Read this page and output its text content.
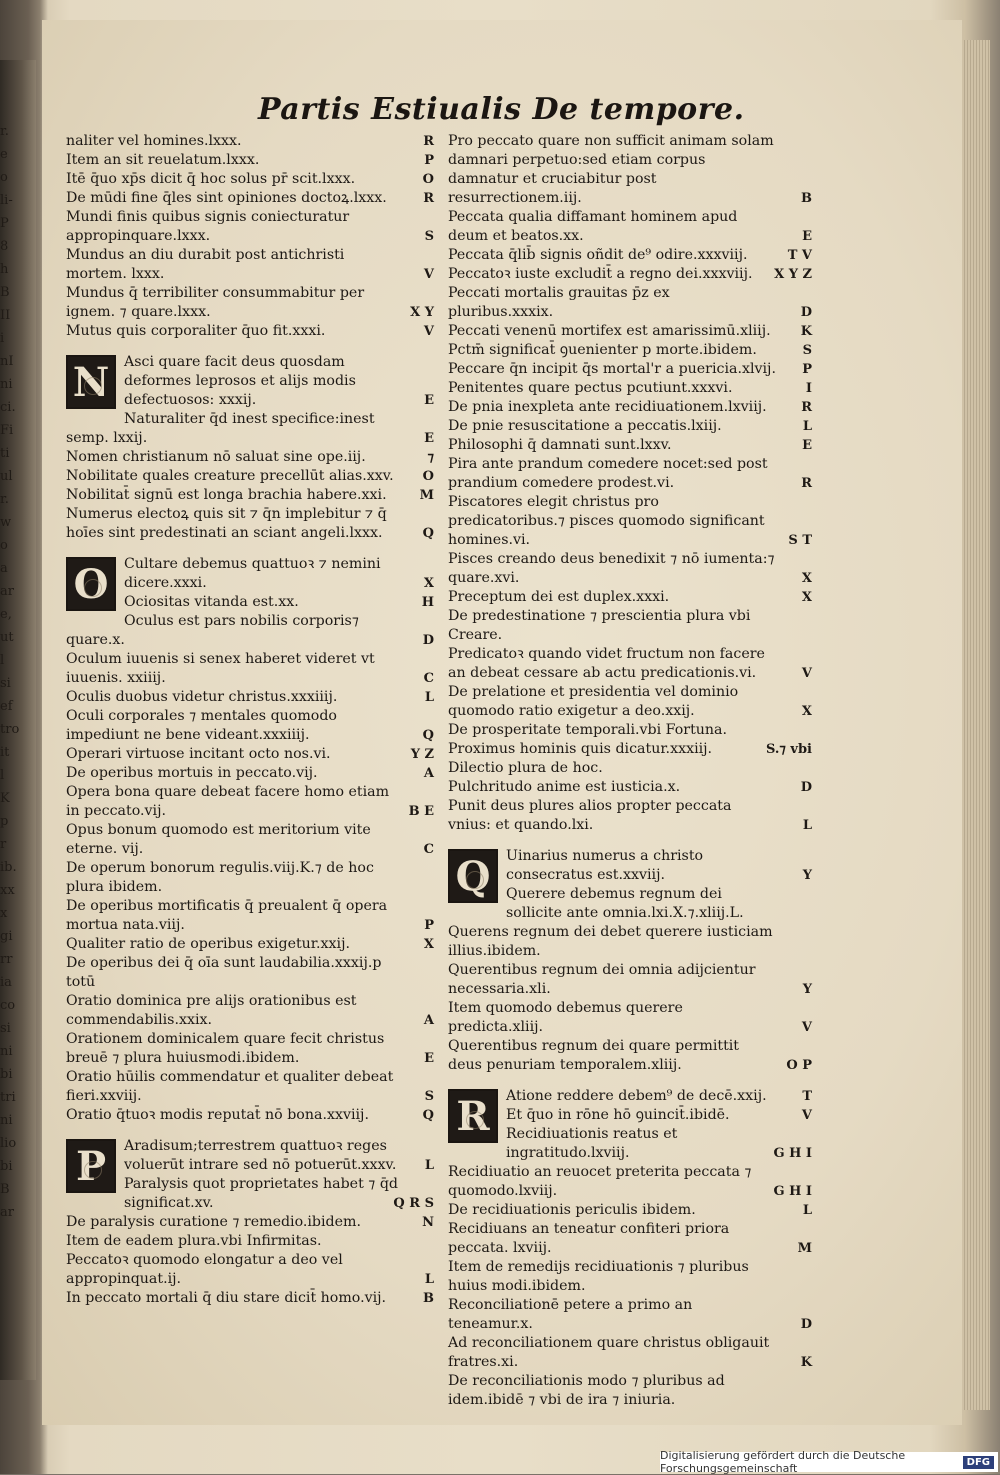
r.
e
o
li-
P
8
h
B
II
i
nI
ni
ci.
Fi
ti
ul
r.
w
o
a
ar
e,
ut
l
si
ef
tro
it
l
K
p
r
ib.
xx
x
gi
rr
ia
co
si
ni
bi
tri
ni
lio
bi
B
ar
Partis Estiualis De tempore.
naliter vel homines.lxxx.	R
Item an sit reuelatum.lxxx.	P
Itē q̄uo xp̄s dicit q̄ hoc solus pr̄ scit.lxxx.	O
De mūdi fine q̄les sint opiniones doctoꝝ.lxxx.	R
Mundi finis quibus signis coniecturatur appropinquare.lxxx.	S
Mundus an diu durabit post antichristi mortem. lxxx.	V
Mundus q̄ terribiliter consummabitur per ignem. ⁊ quare.lxxx.	X Y
Mutus quis corporaliter q̄uo fit.xxxi.	V
N	Asci quare facit deus quosdam deformes leprosos et alijs modis defectuosos: xxxij.	E
Naturaliter q̄d inest specifice:inest semp. lxxij.	E
Nomen christianum nō saluat sine ope.iij.	⁊
Nobilitate quales creature precellūt alias.xxv.	O
Nobilitat̄ signū est longa brachia habere.xxi.	M
Numerus electoꝝ quis sit ⁊ q̄n implebitur ⁊ q̄ hoīes sint predestinati an sciant angeli.lxxx.	Q
O	Cultare debemus quattuoꝛ ⁊ nemini dicere.xxxi.	X
Ociositas vitanda est.xx.	H
Oculus est pars nobilis corporis⁊ quare.x.	D
Oculum iuuenis si senex haberet videret vt iuuenis. xxiiij.	C
Oculis duobus videtur christus.xxxiiij.	L
Oculi corporales ⁊ mentales quomodo impediunt ne bene videant.xxxiiij.	Q
Operari virtuose incitant octo nos.vi.	Y Z
De operibus mortuis in peccato.vij.	A
Opera bona quare debeat facere homo etiam in peccato.vij.	B E
Opus bonum quomodo est meritorium vite eterne. vij.	C
De operum bonorum regulis.viij.K.⁊ de hoc plura ibidem.
De operibus mortificatis q̄ preualent q̄ opera mortua nata.viij.	P
Qualiter ratio de operibus exigetur.xxij.	X
De operibus dei q̄ oīa sunt laudabilia.xxxij.p totū
Oratio dominica pre alijs orationibus est commendabilis.xxix.	A
Orationem dominicalem quare fecit christus breuē ⁊ plura huiusmodi.ibidem.	E
Oratio hūilis commendatur et qualiter debeat fieri.xxviij.	S
Oratio q̄tuoꝛ modis reputat̄ nō bona.xxviij.	Q
P	Aradisum;terrestrem quattuoꝛ reges voluerūt intrare sed nō potuerūt.xxxv. L
Paralysis quot proprietates habet ⁊ q̄d significat.xv.	Q R S
De paralysis curatione ⁊ remedio.ibidem.	N
Item de eadem plura.vbi Infirmitas.
Peccatoꝛ quomodo elongatur a deo vel appropinquat.ij.	L
In peccato mortali q̄ diu stare dicit̄ homo.vij.	B
Pro peccato quare non sufficit animam solam damnari perpetuo:sed etiam corpus damnatur et cruciabitur post resurrectionem.iij.	B
Peccata qualia diffamant hominem apud deum et beatos.xx.	E
Peccata q̄lib̄ signis oñdit de⁹ odire.xxxviij.	T V
Peccatoꝛ iuste excludit̄ a regno dei.xxxviij.	X Y Z
Peccati mortalis grauitas p̄z ex pluribus.xxxix.	D
Peccati venenū mortifex est amarissimū.xliij.	K
Pctm̄ significat̄ ꝯuenienter p morte.ibidem.	S
Peccare q̄n incipit q̄s mortal'r a puericia.xlvij. P
Penitentes quare pectus pcutiunt.xxxvi.	I
De pnia inexpleta ante recidiuationem.lxviij.	R
De pnie resuscitatione a peccatis.lxiij.	L
Philosophi q̄ damnati sunt.lxxv.	E
Pira ante prandum comedere nocet:sed post prandium comedere prodest.vi.	R
Piscatores elegit christus pro predicatoribus.⁊ pisces quomodo significant homines.vi.	S T
Pisces creando deus benedixit ⁊ nō iumenta:⁊ quare.xvi.	X
Preceptum dei est duplex.xxxi.	X
De predestinatione ⁊ prescientia plura vbi Creare.
Predicatoꝛ quando videt fructum non facere an debeat cessare ab actu predicationis.vi.	V
De prelatione et presidentia vel dominio quomodo ratio exigetur a deo.xxij.	X
De prosperitate temporali.vbi Fortuna.
Proximus hominis quis dicatur.xxxiij.	S.⁊ vbi
Dilectio plura de hoc.
Pulchritudo anime est iusticia.x.	D
Punit deus plures alios propter peccata vnius: et quando.lxi.	L
Q	Uinarius numerus a christo consecratus est.xxviij.	Y
Querere debemus regnum dei sollicite ante omnia.lxi.X.⁊.xliij.L.
Querens regnum dei debet querere iusticiam illius.ibidem.
Querentibus regnum dei omnia adijcientur necessaria.xli.	Y
Item quomodo debemus querere predicta.xliij.	V
Querentibus regnum dei quare permittit deus penuriam temporalem.xliij.	O P
R	Atione reddere debem⁹ de decē.xxij.	T
Et q̄uo in rōne hō ꝯuincit̄.ibidē.	V
Recidiuationis reatus et ingratitudo.lxviij.	G H I
Recidiuatio an reuocet preterita peccata ⁊ quomodo.lxviij.	G H I
De recidiuationis periculis ibidem.	L
Recidiuans an teneatur confiteri priora peccata. lxviij.	M
Item de remedijs recidiuationis ⁊ pluribus huius modi.ibidem.
Reconciliationē petere a primo an teneamur.x.	D
Ad reconciliationem quare christus obligauit fratres.xi.	K
De reconciliationis modo ⁊ pluribus ad idem.ibidē ⁊ vbi de ira ⁊ iniuria.
Digitalisierung gefördert durch die Deutsche Forschungsgemeinschaft	DFG
